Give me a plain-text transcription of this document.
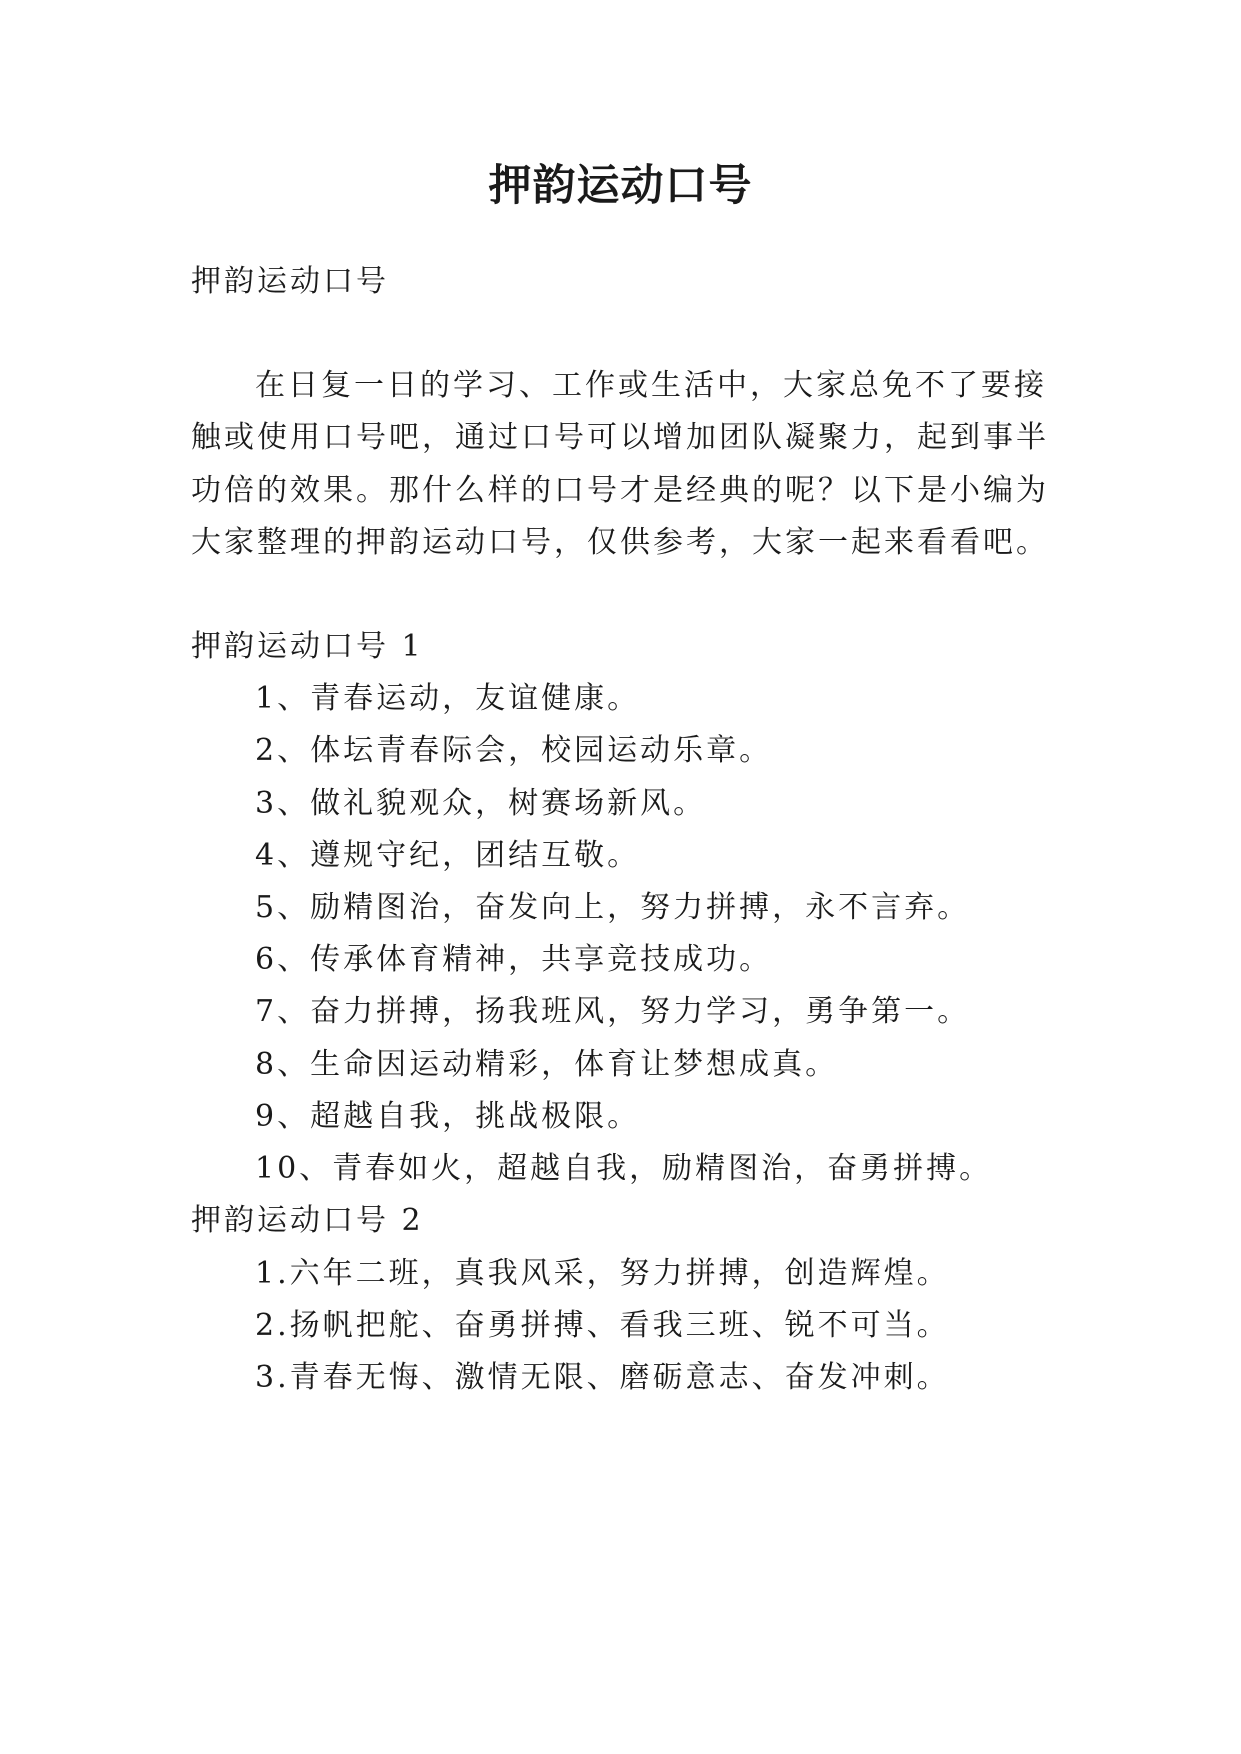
押韵运动口号
押韵运动口号
在日复一日的学习、工作或生活中，大家总免不了要接
触或使用口号吧，通过口号可以增加团队凝聚力，起到事半
功倍的效果。那什么样的口号才是经典的呢？以下是小编为
大家整理的押韵运动口号，仅供参考，大家一起来看看吧。
押韵运动口号 1
1、青春运动，友谊健康。
2、体坛青春际会，校园运动乐章。
3、做礼貌观众，树赛场新风。
4、遵规守纪，团结互敬。
5、励精图治，奋发向上，努力拼搏，永不言弃。
6、传承体育精神，共享竞技成功。
7、奋力拼搏，扬我班风，努力学习，勇争第一。
8、生命因运动精彩，体育让梦想成真。
9、超越自我，挑战极限。
10、青春如火，超越自我，励精图治，奋勇拼搏。
押韵运动口号 2
1.六年二班，真我风采，努力拼搏，创造辉煌。
2.扬帆把舵、奋勇拼搏、看我三班、锐不可当。
3.青春无悔、激情无限、磨砺意志、奋发冲刺。
